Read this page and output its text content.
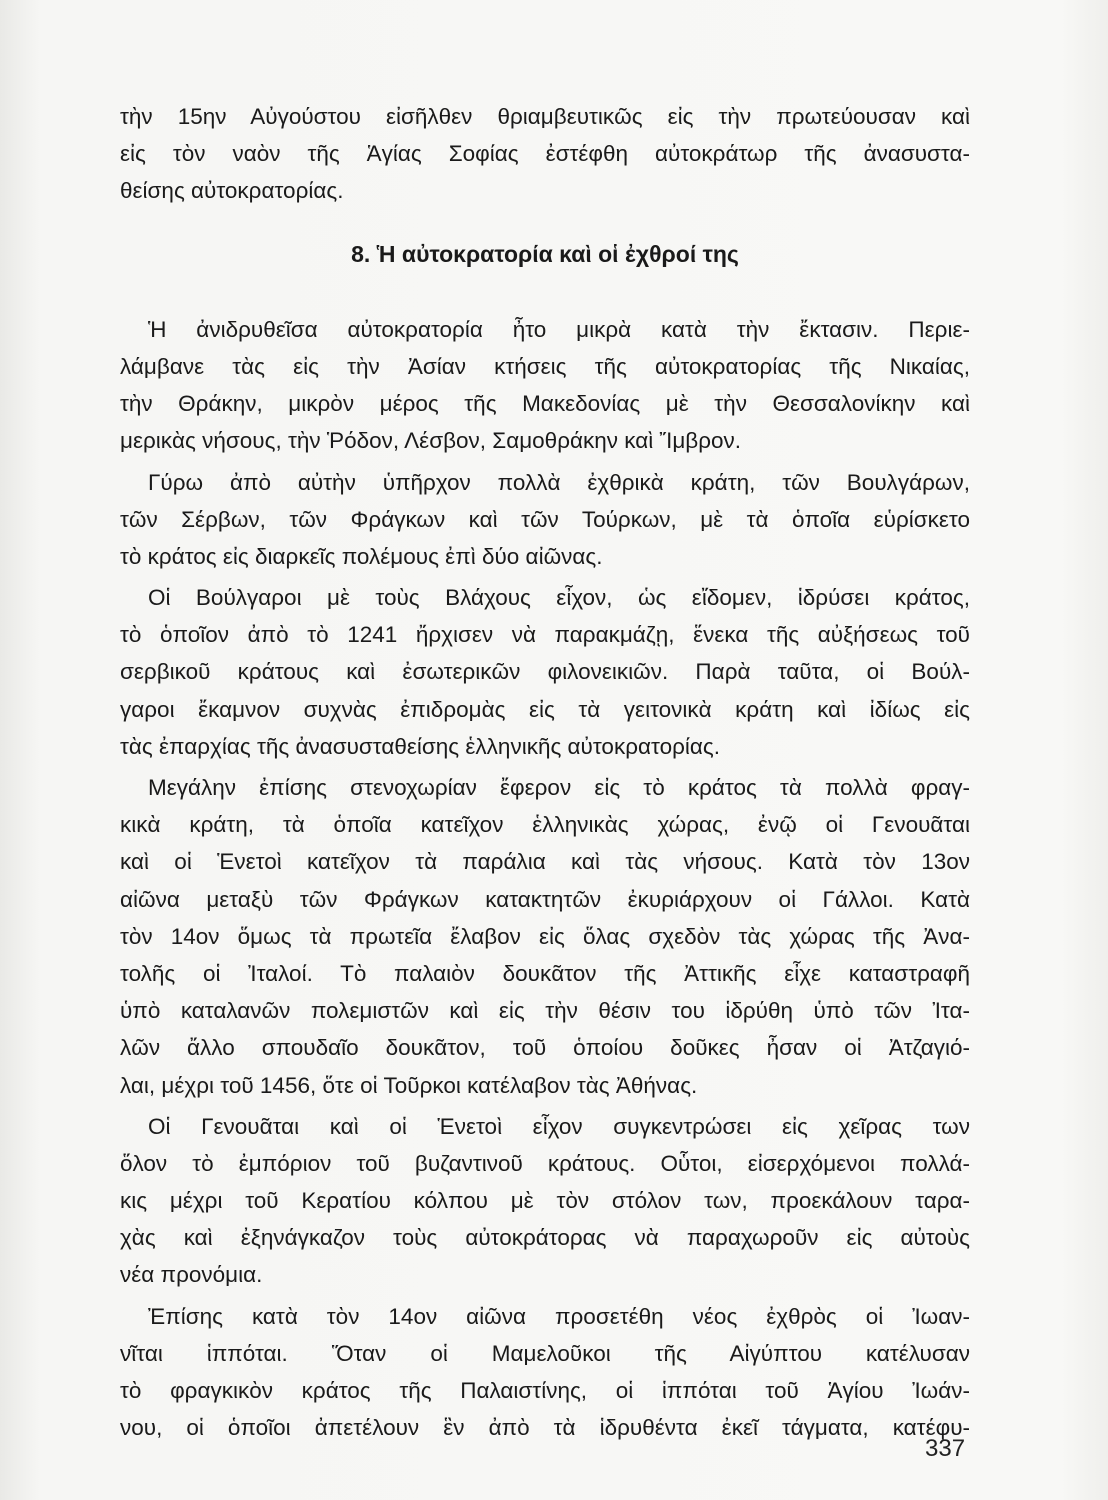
τὴν 15ην Αὐγούστου εἰσῆλθεν θριαμβευτικῶς εἰς τὴν πρωτεύουσαν καὶ
εἰς τὸν ναὸν τῆς Ἁγίας Σοφίας ἐστέφθη αὐτοκράτωρ τῆς ἀνασυστα-
θείσης αὐτοκρατορίας.
8. Ἡ αὐτοκρατορία καὶ οἱ ἐχθροί της
Ἡ ἀνιδρυθεῖσα αὐτοκρατορία ἦτο μικρὰ κατὰ τὴν ἔκτασιν. Περιε-
λάμβανε τὰς εἰς τὴν Ἀσίαν κτήσεις τῆς αὐτοκρατορίας τῆς Νικαίας,
τὴν Θράκην, μικρὸν μέρος τῆς Μακεδονίας μὲ τὴν Θεσσαλονίκην καὶ
μερικὰς νήσους, τὴν Ῥόδον, Λέσβον, Σαμοθράκην καὶ Ἴμβρον.
Γύρω ἀπὸ αὐτὴν ὑπῆρχον πολλὰ ἐχθρικὰ κράτη, τῶν Βουλγάρων,
τῶν Σέρβων, τῶν Φράγκων καὶ τῶν Τούρκων, μὲ τὰ ὁποῖα εὑρίσκετο
τὸ κράτος εἰς διαρκεῖς πολέμους ἐπὶ δύο αἰῶνας.
Οἱ Βούλγαροι μὲ τοὺς Βλάχους εἶχον, ὡς εἴδομεν, ἱδρύσει κράτος,
τὸ ὁποῖον ἀπὸ τὸ 1241 ἤρχισεν νὰ παρακμάζῃ, ἕνεκα τῆς αὐξήσεως τοῦ
σερβικοῦ κράτους καὶ ἐσωτερικῶν φιλονεικιῶν. Παρὰ ταῦτα, οἱ Βούλ-
γαροι ἔκαμνον συχνὰς ἐπιδρομὰς εἰς τὰ γειτονικὰ κράτη καὶ ἰδίως εἰς
τὰς ἐπαρχίας τῆς ἀνασυσταθείσης ἑλληνικῆς αὐτοκρατορίας.
Μεγάλην ἐπίσης στενοχωρίαν ἔφερον εἰς τὸ κράτος τὰ πολλὰ φραγ-
κικὰ κράτη, τὰ ὁποῖα κατεῖχον ἑλληνικὰς χώρας, ἐνῷ οἱ Γενουᾶται
καὶ οἱ Ἑνετοὶ κατεῖχον τὰ παράλια καὶ τὰς νήσους. Κατὰ τὸν 13ον
αἰῶνα μεταξὺ τῶν Φράγκων κατακτητῶν ἐκυριάρχουν οἱ Γάλλοι. Κατὰ
τὸν 14ον ὅμως τὰ πρωτεῖα ἔλαβον εἰς ὅλας σχεδὸν τὰς χώρας τῆς Ἀνα-
τολῆς οἱ Ἰταλοί. Τὸ παλαιὸν δουκᾶτον τῆς Ἀττικῆς εἶχε καταστραφῆ
ὑπὸ καταλανῶν πολεμιστῶν καὶ εἰς τὴν θέσιν του ἱδρύθη ὑπὸ τῶν Ἰτα-
λῶν ἄλλο σπουδαῖο δουκᾶτον, τοῦ ὁποίου δοῦκες ἦσαν οἱ Ἀτζαγιό-
λαι, μέχρι τοῦ 1456, ὅτε οἱ Τοῦρκοι κατέλαβον τὰς Ἀθήνας.
Οἱ Γενουᾶται καὶ οἱ Ἑνετοὶ εἶχον συγκεντρώσει εἰς χεῖρας των
ὅλον τὸ ἐμπόριον τοῦ βυζαντινοῦ κράτους. Οὗτοι, εἰσερχόμενοι πολλά-
κις μέχρι τοῦ Κερατίου κόλπου μὲ τὸν στόλον των, προεκάλουν ταρα-
χὰς καὶ ἐξηνάγκαζον τοὺς αὐτοκράτορας νὰ παραχωροῦν εἰς αὐτοὺς
νέα προνόμια.
Ἐπίσης κατὰ τὸν 14ον αἰῶνα προσετέθη νέος ἐχθρὸς οἱ Ἰωαν-
νῖται ἱππόται. Ὅταν οἱ Μαμελοῦκοι τῆς Αἰγύπτου κατέλυσαν
τὸ φραγκικὸν κράτος τῆς Παλαιστίνης, οἱ ἱππόται τοῦ Ἁγίου Ἰωάν-
νου, οἱ ὁποῖοι ἀπετέλουν ἓν ἀπὸ τὰ ἱδρυθέντα ἐκεῖ τάγματα, κατέφυ-
337
